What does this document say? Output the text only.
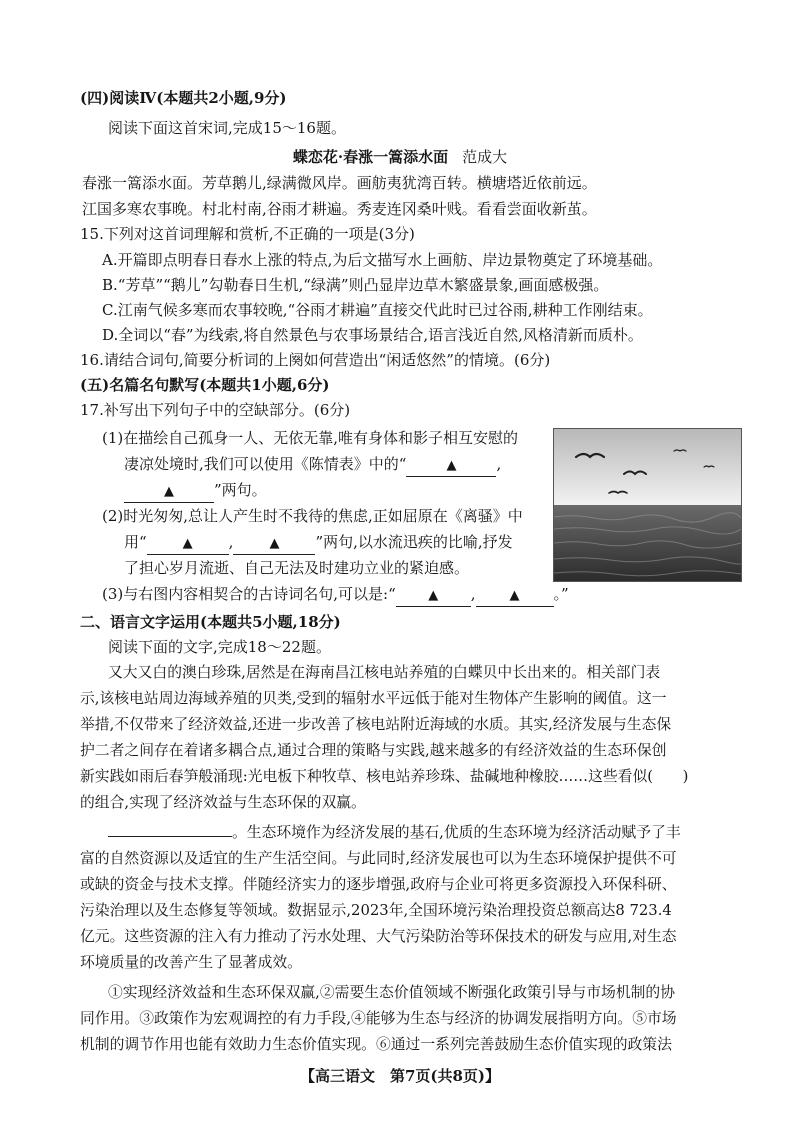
(四)阅读Ⅳ(本题共2小题,9分)
阅读下面这首宋词,完成15～16题。
蝶恋花·春涨一篙添水面 范成大
春涨一篙添水面。芳草鹅儿,绿满微风岸。画舫夷犹湾百转。横塘塔近依前远。
江国多寒农事晚。村北村南,谷雨才耕遍。秀麦连冈桑叶贱。看看尝面收新茧。
15.下列对这首词理解和赏析,不正确的一项是(3分)
A.开篇即点明春日春水上涨的特点,为后文描写水上画舫、岸边景物奠定了环境基础。
B.“芳草”“鹅儿”勾勒春日生机,“绿满”则凸显岸边草木繁盛景象,画面感极强。
C.江南气候多寒而农事较晚,“谷雨才耕遍”直接交代此时已过谷雨,耕种工作刚结束。
D.全词以“春”为线索,将自然景色与农事场景结合,语言浅近自然,风格清新而质朴。
16.请结合词句,简要分析词的上阕如何营造出“闲适悠然”的情境。(6分)
(五)名篇名句默写(本题共1小题,6分)
17.补写出下列句子中的空缺部分。(6分)
(1)在描绘自己孤身一人、无依无靠,唯有身体和影子相互安慰的
凄凉处境时,我们可以使用《陈情表》中的“	▲	,
▲	”两句。
(2)时光匆匆,总让人产生时不我待的焦虑,正如屈原在《离骚》中
用“	▲ ,	▲ ”两句,以水流迅疾的比喻,抒发
了担心岁月流逝、自己无法及时建功立业的紧迫感。
(3)与右图内容相契合的古诗词名句,可以是:“	▲ ,	▲ 。”
二、语言文字运用(本题共5小题,18分)
阅读下面的文字,完成18～22题。
又大又白的澳白珍珠,居然是在海南昌江核电站养殖的白蝶贝中长出来的。相关部门表
示,该核电站周边海域养殖的贝类,受到的辐射水平远低于能对生物体产生影响的阈值。这一
举措,不仅带来了经济效益,还进一步改善了核电站附近海域的水质。其实,经济发展与生态保
护二者之间存在着诸多耦合点,通过合理的策略与实践,越来越多的有经济效益的生态环保创
新实践如雨后春笋般涌现:光电板下种牧草、核电站养珍珠、盐碱地种橡胶……这些看似(　　)
的组合,实现了经济效益与生态环保的双赢。
。生态环境作为经济发展的基石,优质的生态环境为经济活动赋予了丰
富的自然资源以及适宜的生产生活空间。与此同时,经济发展也可以为生态环境保护提供不可
或缺的资金与技术支撑。伴随经济实力的逐步增强,政府与企业可将更多资源投入环保科研、
污染治理以及生态修复等领域。数据显示,2023年,全国环境污染治理投资总额高达8 723.4
亿元。这些资源的注入有力推动了污水处理、大气污染防治等环保技术的研发与应用,对生态
环境质量的改善产生了显著成效。
①实现经济效益和生态环保双赢,②需要生态价值领域不断强化政策引导与市场机制的协
同作用。③政策作为宏观调控的有力手段,④能够为生态与经济的协调发展指明方向。⑤市场
机制的调节作用也能有效助力生态价值实现。⑥通过一系列完善鼓励生态价值实现的政策法
【高三语文　第7页(共8页)】
